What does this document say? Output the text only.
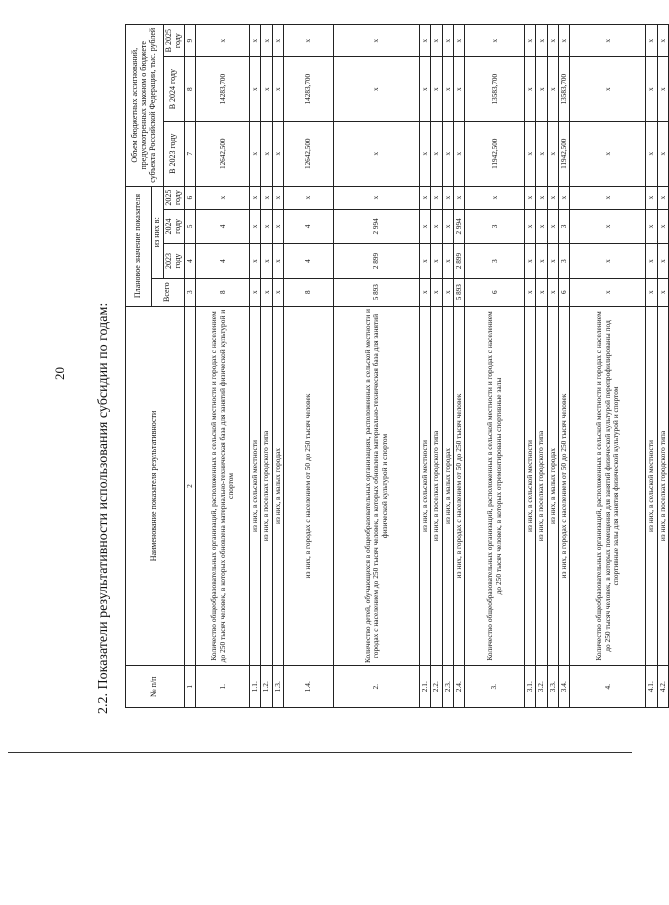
20 2.2. Показатели результативности использования субсидии по годам:	№ п/п	Наименование показателя результативности	Плановое значение показателя				Объем бюджетных ассигнований, предусмотренных законом о бюджете субъекта Российской Федерации, тыс. рублей		
		Всего	из них в:					
			2023 году	2024 году	2025 году	В 2023 году	В 2024 году	В 2025 году
1	2	3	4	5	6	7	8	9
1.	Количество общеобразовательных организаций, расположенных в сельской местности и городах с населением до 250 тысяч человек, в которых обновлена материально-техническая база для занятий физической культурой и спортом	8	4	4	х	12642,500	14283,700	х
1.1.	из них, в сельской местности	х	х	х	х	х	х	х
1.2.	из них, в поселках городского типа	х	х	х	х	х	х	х
1.3.	из них, в малых городах	х	х	х	х	х	х	х
1.4.	из них, в городах с населением от 50 до 250 тысяч человек	8	4	4	х	12642,500	14283,700	х
2.	Количество детей, обучающихся в общеобразовательных организациях, расположенных в сельской местности и городах с населением до 250 тысяч человек, в которых обновлена материально-техническая база для занятий физической культурой и спортом	5 893	2 899	2 994	х	х	х	х
2.1.	из них, в сельской местности	х	х	х	х	х	х	х
2.2.	из них, в поселках городского типа	х	х	х	х	х	х	х
2.3.	из них, в малых городах	х	х	х	х	х	х	х
2.4.	из них, в городах с населением от 50 до 250 тысяч человек	5 893	2 899	2 994	х	х	х	х
3.	Количество общеобразовательных организаций, расположенных в сельской местности и городах с населением до 250 тысяч человек, в которых отремонтированы спортивные залы	6	3	3	х	11942,500	13583,700	х
3.1.	из них, в сельской местности	х	х	х	х	х	х	х
3.2.	из них, в поселках городского типа	х	х	х	х	х	х	х
3.3.	из них, в малых городах	х	х	х	х	х	х	х
3.4.	из них, в городах с населением от 50 до 250 тысяч человек	6	3	3	х	11942,500	13583,700	х
4.	Количество общеобразовательных организаций, расположенных в сельской местности и городах с населением до 250 тысяч человек, в которых помещения для занятий физической культурой перепрофилированы под спортивные залы для занятия физической культурой и спортом	х	х	х	х	х	х	х
4.1.	из них, в сельской местности	х	х	х	х	х	х	х
4.2.	из них, в поселках городского типа	х	х	х	х	х	х	х
